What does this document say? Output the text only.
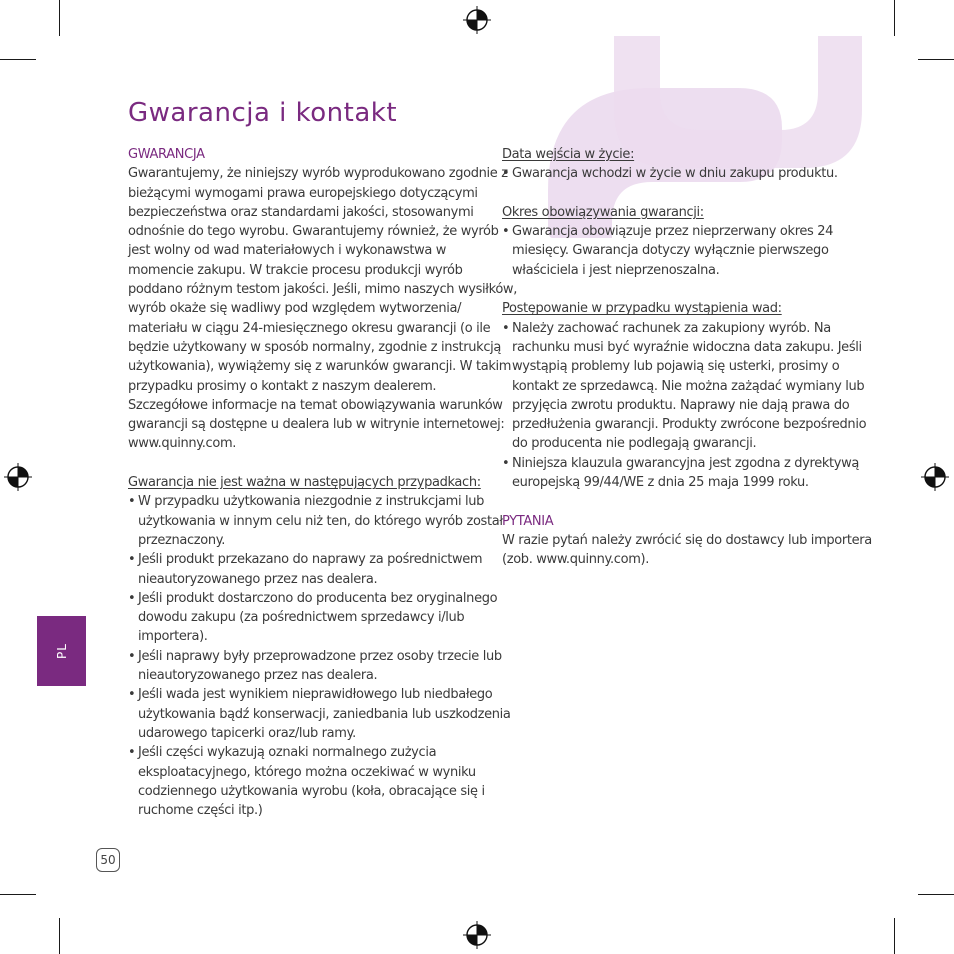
Gwarancja i kontakt

GWARANCJA

Gwarantujemy, że niniejszy wyrób wyprodukowano zgodnie z

bieżącymi wymogami prawa europejskiego dotyczącymi

bezpieczeństwa oraz standardami jakości, stosowanymi

odnośnie do tego wyrobu. Gwarantujemy również, że wyrób

jest wolny od wad materiałowych i wykonawstwa w

momencie zakupu. W trakcie procesu produkcji wyrób

poddano różnym testom jakości. Jeśli, mimo naszych wysiłków,

wyrób okaże się wadliwy pod względem wytworzenia/

materiału w ciągu 24-miesięcznego okresu gwarancji (o ile

będzie użytkowany w sposób normalny, zgodnie z instrukcją

użytkowania), wywiążemy się z warunków gwarancji. W takim

przypadku prosimy o kontakt z naszym dealerem.

Szczegółowe informacje na temat obowiązywania warunków

gwarancji są dostępne u dealera lub w witrynie internetowej:

www.quinny.com.

Gwarancja nie jest ważna w następujących przypadkach:

• W przypadku użytkowania niezgodnie z instrukcjami lub
użytkowania w innym celu niż ten, do którego wyrób został
przeznaczony.
• Jeśli produkt przekazano do naprawy za pośrednictwem
nieautoryzowanego przez nas dealera.
• Jeśli produkt dostarczono do producenta bez oryginalnego
dowodu zakupu (za pośrednictwem sprzedawcy i/lub
importera).
• Jeśli naprawy były przeprowadzone przez osoby trzecie lub
nieautoryzowanego przez nas dealera.
• Jeśli wada jest wynikiem nieprawidłowego lub niedbałego
użytkowania bądź konserwacji, zaniedbania lub uszkodzenia
udarowego tapicerki oraz/lub ramy.
• Jeśli części wykazują oznaki normalnego zużycia
eksploatacyjnego, którego można oczekiwać w wyniku
codziennego użytkowania wyrobu (koła, obracające się i
ruchome części itp.)

Data wejścia w życie:

• Gwarancja wchodzi w życie w dniu zakupu produktu.

Okres obowiązywania gwarancji:

• Gwarancja obowiązuje przez nieprzerwany okres 24
miesięcy. Gwarancja dotyczy wyłącznie pierwszego
właściciela i jest nieprzenoszalna.

Postępowanie w przypadku wystąpienia wad:

• Należy zachować rachunek za zakupiony wyrób. Na
rachunku musi być wyraźnie widoczna data zakupu. Jeśli
wystąpią problemy lub pojawią się usterki, prosimy o
kontakt ze sprzedawcą. Nie można zażądać wymiany lub
przyjęcia zwrotu produktu. Naprawy nie dają prawa do
przedłużenia gwarancji. Produkty zwrócone bezpośrednio
do producenta nie podlegają gwarancji.
• Niniejsza klauzula gwarancyjna jest zgodna z dyrektywą
europejską 99/44/WE z dnia 25 maja 1999 roku.

PYTANIA

W razie pytań należy zwrócić się do dostawcy lub importera

(zob. www.quinny.com).

PL
50
